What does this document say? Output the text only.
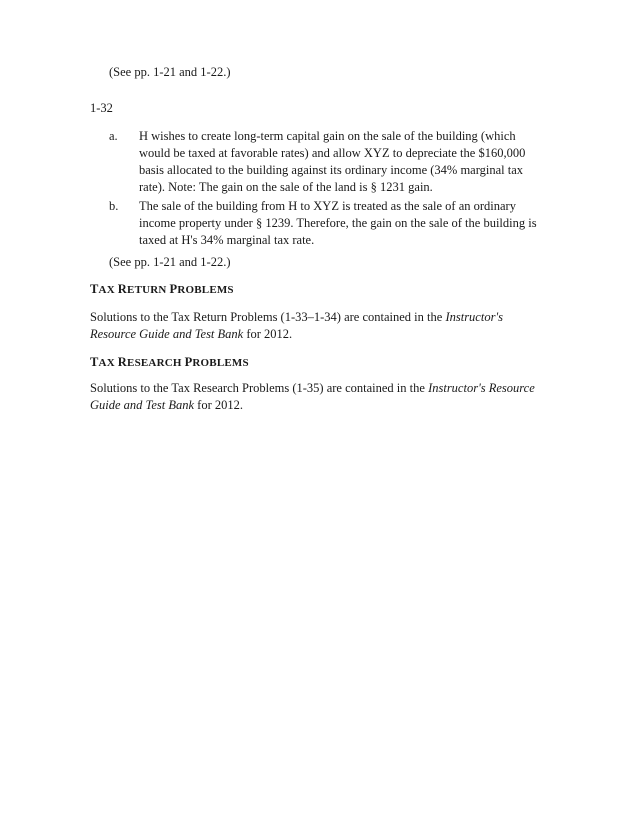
(See pp. 1-21 and 1-22.)

1-32

a. H wishes to create long-term capital gain on the sale of the building (which would be taxed at favorable rates) and allow XYZ to depreciate the $160,000 basis allocated to the building against its ordinary income (34% marginal tax rate). Note: The gain on the sale of the land is § 1231 gain.

b. The sale of the building from H to XYZ is treated as the sale of an ordinary income property under § 1239. Therefore, the gain on the sale of the building is taxed at H's 34% marginal tax rate.

(See pp. 1-21 and 1-22.)

TAX RETURN PROBLEMS

Solutions to the Tax Return Problems (1-33–1-34) are contained in the Instructor's Resource Guide and Test Bank for 2012.

TAX RESEARCH PROBLEMS

Solutions to the Tax Research Problems (1-35) are contained in the Instructor's Resource Guide and Test Bank for 2012.
